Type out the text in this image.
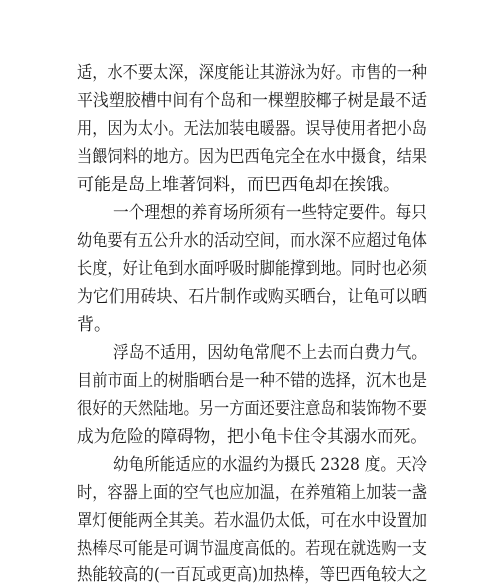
适，水不要太深，深度能让其游泳为好。市售的一种
平浅塑胶槽中间有个岛和一棵塑胶椰子树是最不适
用，因为太小。无法加装电暖器。误导使用者把小岛
当餵饲料的地方。因为巴西龟完全在水中摄食，结果
可能是岛上堆著饲料，而巴西龟却在挨饿。
一个理想的养育场所须有一些特定要件。每只
幼龟要有五公升水的活动空间，而水深不应超过龟体
长度，好让龟到水面呼吸时脚能撑到地。同时也必须
为它们用砖块、石片制作或购买晒台，让龟可以晒
背。
浮岛不适用，因幼龟常爬不上去而白费力气。
目前市面上的树脂晒台是一种不错的选择，沉木也是
很好的天然陆地。另一方面还要注意岛和装饰物不要
成为危险的障碍物，把小龟卡住令其溺水而死。
幼龟所能适应的水温约为摄氏 2328 度。天冷
时，容器上面的空气也应加温，在养殖箱上加装一盏
罩灯便能两全其美。若水温仍太低，可在水中设置加
热棒尽可能是可调节温度高低的。若现在就选购一支
热能较高的(一百瓦或更高)加热棒，等巴西龟较大之
